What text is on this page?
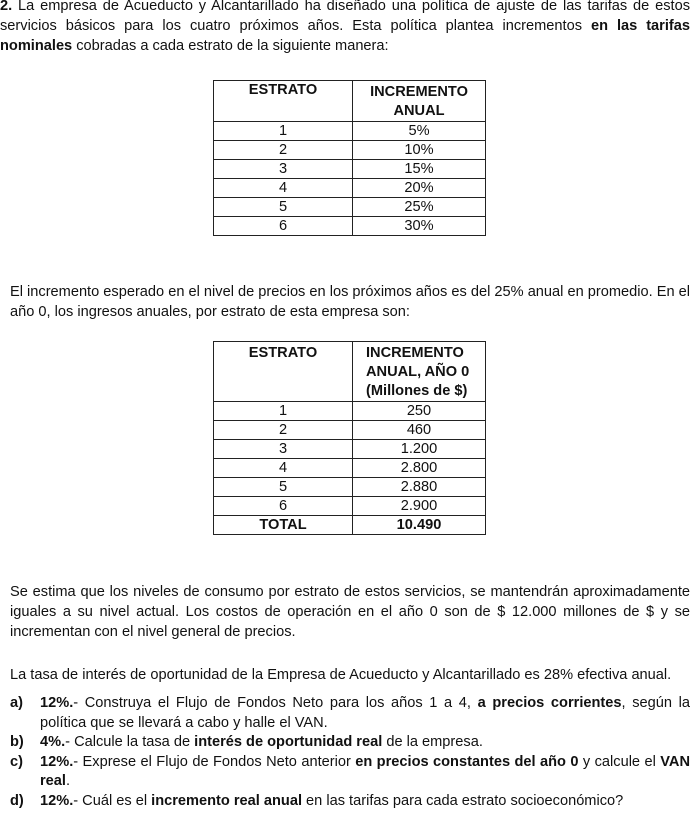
2. La empresa de Acueducto y Alcantarillado ha diseñado una política de ajuste de las tarifas de estos servicios básicos para los cuatro próximos años. Esta política plantea incrementos en las tarifas nominales cobradas a cada estrato de la siguiente manera:

ESTRATO	INCREMENTO ANUAL
1	5%
2	10%
3	15%
4	20%
5	25%
6	30%

El incremento esperado en el nivel de precios en los próximos años es del 25% anual en promedio. En el año 0, los ingresos anuales, por estrato de esta empresa son:

ESTRATO	INCREMENTO
ANUAL, AÑO 0
(Millones de $)

1	250
2	460
3	1.200
4	2.800
5	2.880
6	2.900
TOTAL	10.490

Se estima que los niveles de consumo por estrato de estos servicios, se mantendrán aproximadamente iguales a su nivel actual. Los costos de operación en el año 0 son de $ 12.000 millones de $ y se incrementan con el nivel general de precios.

La tasa de interés de oportunidad de la Empresa de Acueducto y Alcantarillado es 28% efectiva anual.

a) 12%.- Construya el Flujo de Fondos Neto para los años 1 a 4, a precios corrientes, según la política que se llevará a cabo y halle el VAN.
b) 4%.- Calcule la tasa de interés de oportunidad real de la empresa.
c) 12%.- Exprese el Flujo de Fondos Neto anterior en precios constantes del año 0 y calcule el VAN real.
d) 12%.- Cuál es el incremento real anual en las tarifas para cada estrato socioeconómico?
